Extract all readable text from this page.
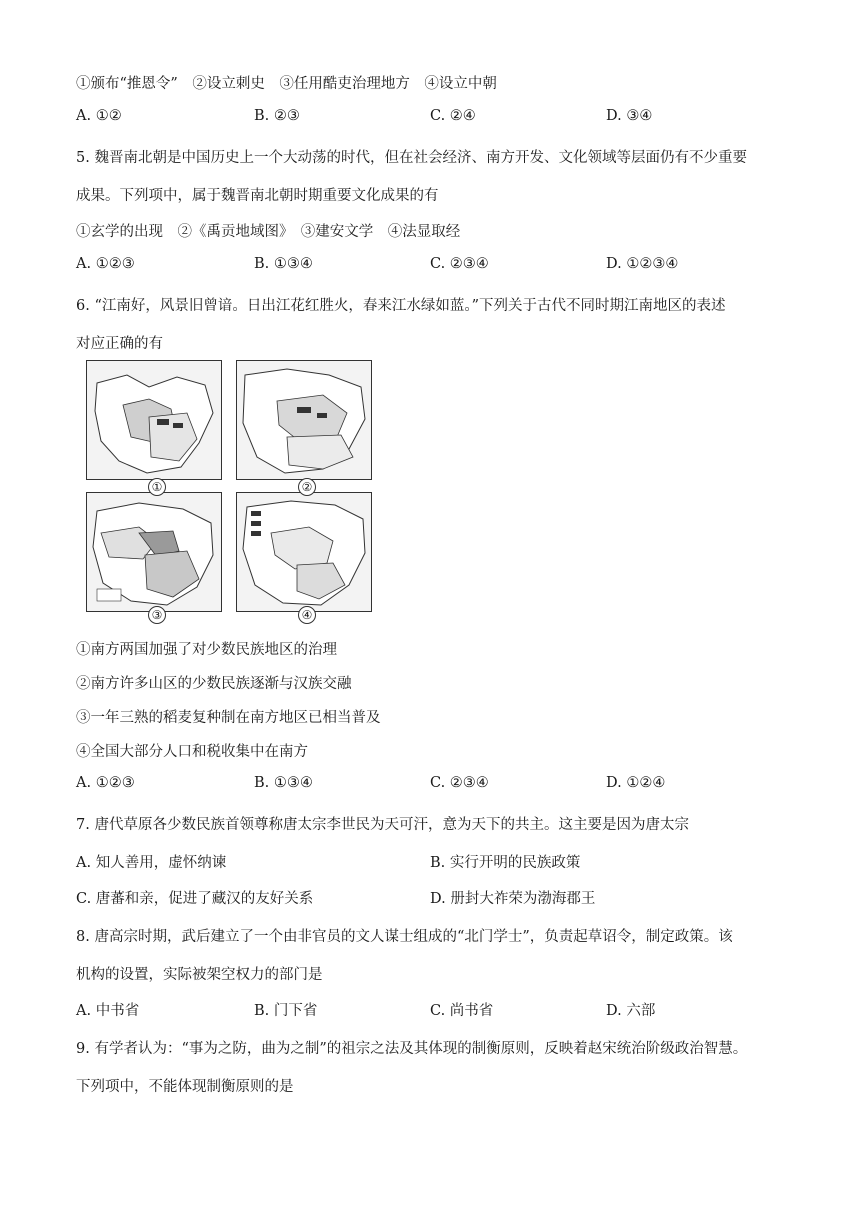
①颁布“推恩令”　②设立刺史　③任用酷吏治理地方　④设立中朝
A. ①②	B. ②③	C. ②④	D. ③④
5. 魏晋南北朝是中国历史上一个大动荡的时代，但在社会经济、南方开发、文化领域等层面仍有不少重要
成果。下列项中，属于魏晋南北朝时期重要文化成果的有
①玄学的出现　②《禹贡地域图》　③建安文学　④法显取经
A. ①②③	B. ①③④	C. ②③④	D. ①②③④
6. “江南好，风景旧曾谙。日出江花红胜火，春来江水绿如蓝。”下列关于古代不同时期江南地区的表述
对应正确的有
①	②
③	④
①南方两国加强了对少数民族地区的治理
②南方许多山区的少数民族逐渐与汉族交融
③一年三熟的稻麦复种制在南方地区已相当普及
④全国大部分人口和税收集中在南方
A. ①②③	B. ①③④	C. ②③④	D. ①②④
7. 唐代草原各少数民族首领尊称唐太宗李世民为天可汗，意为天下的共主。这主要是因为唐太宗
A. 知人善用，虚怀纳谏	B. 实行开明的民族政策
C. 唐蕃和亲，促进了藏汉的友好关系	D. 册封大祚荣为渤海郡王
8. 唐高宗时期，武后建立了一个由非官员的文人谋士组成的“北门学士”，负责起草诏令，制定政策。该
机构的设置，实际被架空权力的部门是
A. 中书省	B. 门下省	C. 尚书省	D. 六部
9. 有学者认为：“事为之防，曲为之制”的祖宗之法及其体现的制衡原则，反映着赵宋统治阶级政治智慧。
下列项中，不能体现制衡原则的是
